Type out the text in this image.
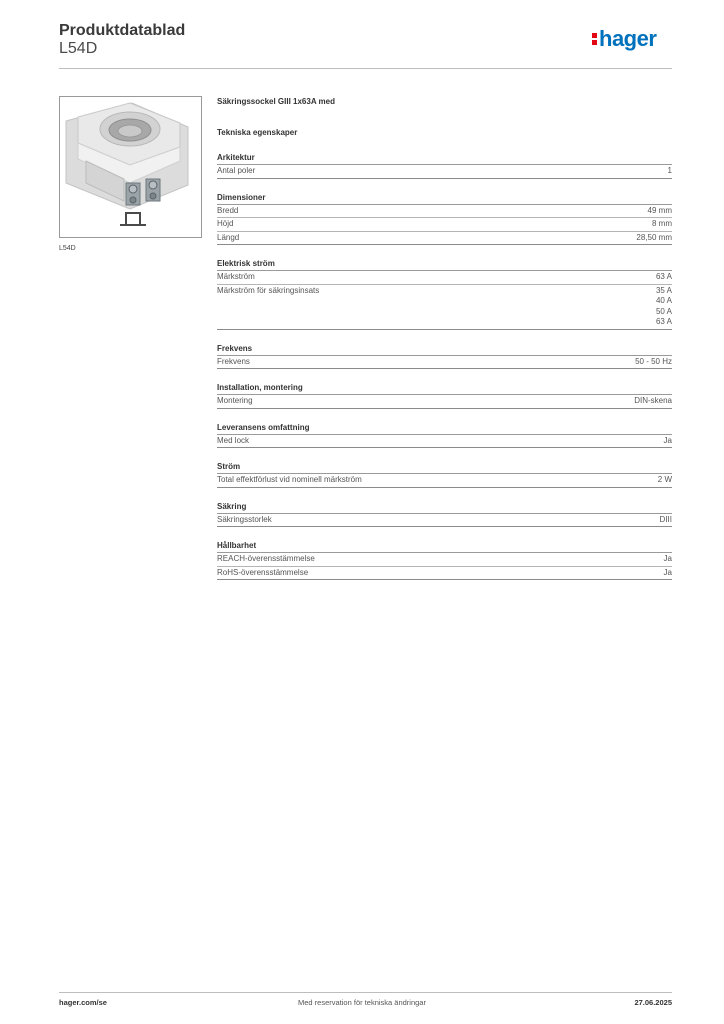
Produktdatablad
L54D	hager
L54D
Säkringssockel GIII 1x63A med
Tekniska egenskaper
Arkitektur
Antal poler	1
Dimensioner
Bredd	49 mm
Höjd	8 mm
Längd	28,50 mm
Elektrisk ström
Märkström	63 A
Märkström för säkringsinsats	35 A
40 A
50 A
63 A
Frekvens
Frekvens	50 - 50 Hz
Installation, montering
Montering	DIN-skena
Leveransens omfattning
Med lock	Ja
Ström
Total effektförlust vid nominell märkström	2 W
Säkring
Säkringsstorlek	DIII
Hållbarhet
REACH-överensstämmelse	Ja
RoHS-överensstämmelse	Ja
hager.com/se	Med reservation för tekniska ändringar	27.06.2025
